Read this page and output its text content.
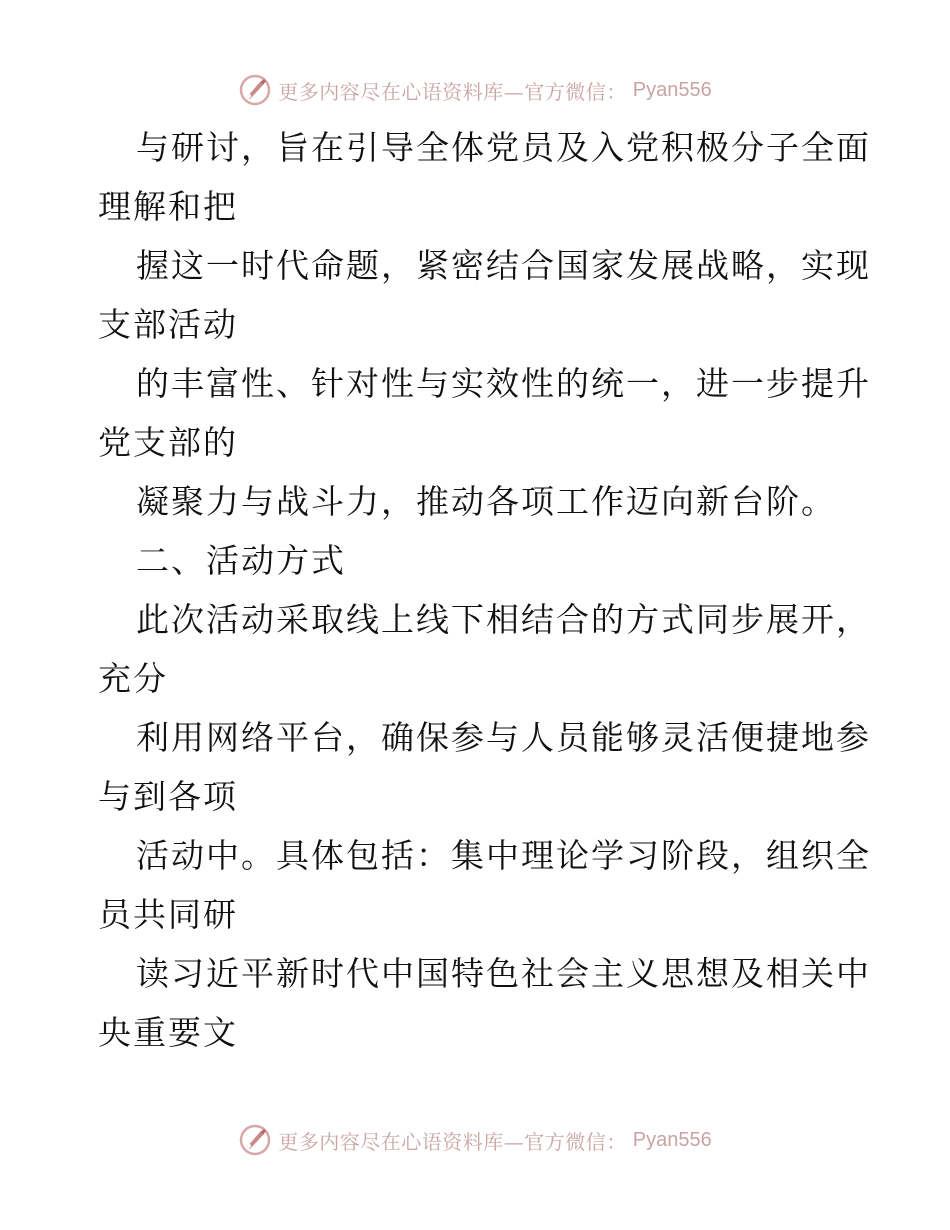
更多内容尽在心语资料库—官方微信： Pyan556
与研讨，旨在引导全体党员及入党积极分子全面
理解和把
握这一时代命题，紧密结合国家发展战略，实现
支部活动
的丰富性、针对性与实效性的统一，进一步提升
党支部的
凝聚力与战斗力，推动各项工作迈向新台阶。
二、活动方式
此次活动采取线上线下相结合的方式同步展开，
充分
利用网络平台，确保参与人员能够灵活便捷地参
与到各项
活动中。具体包括：集中理论学习阶段，组织全
员共同研
读习近平新时代中国特色社会主义思想及相关中
央重要文
更多内容尽在心语资料库—官方微信： Pyan556
